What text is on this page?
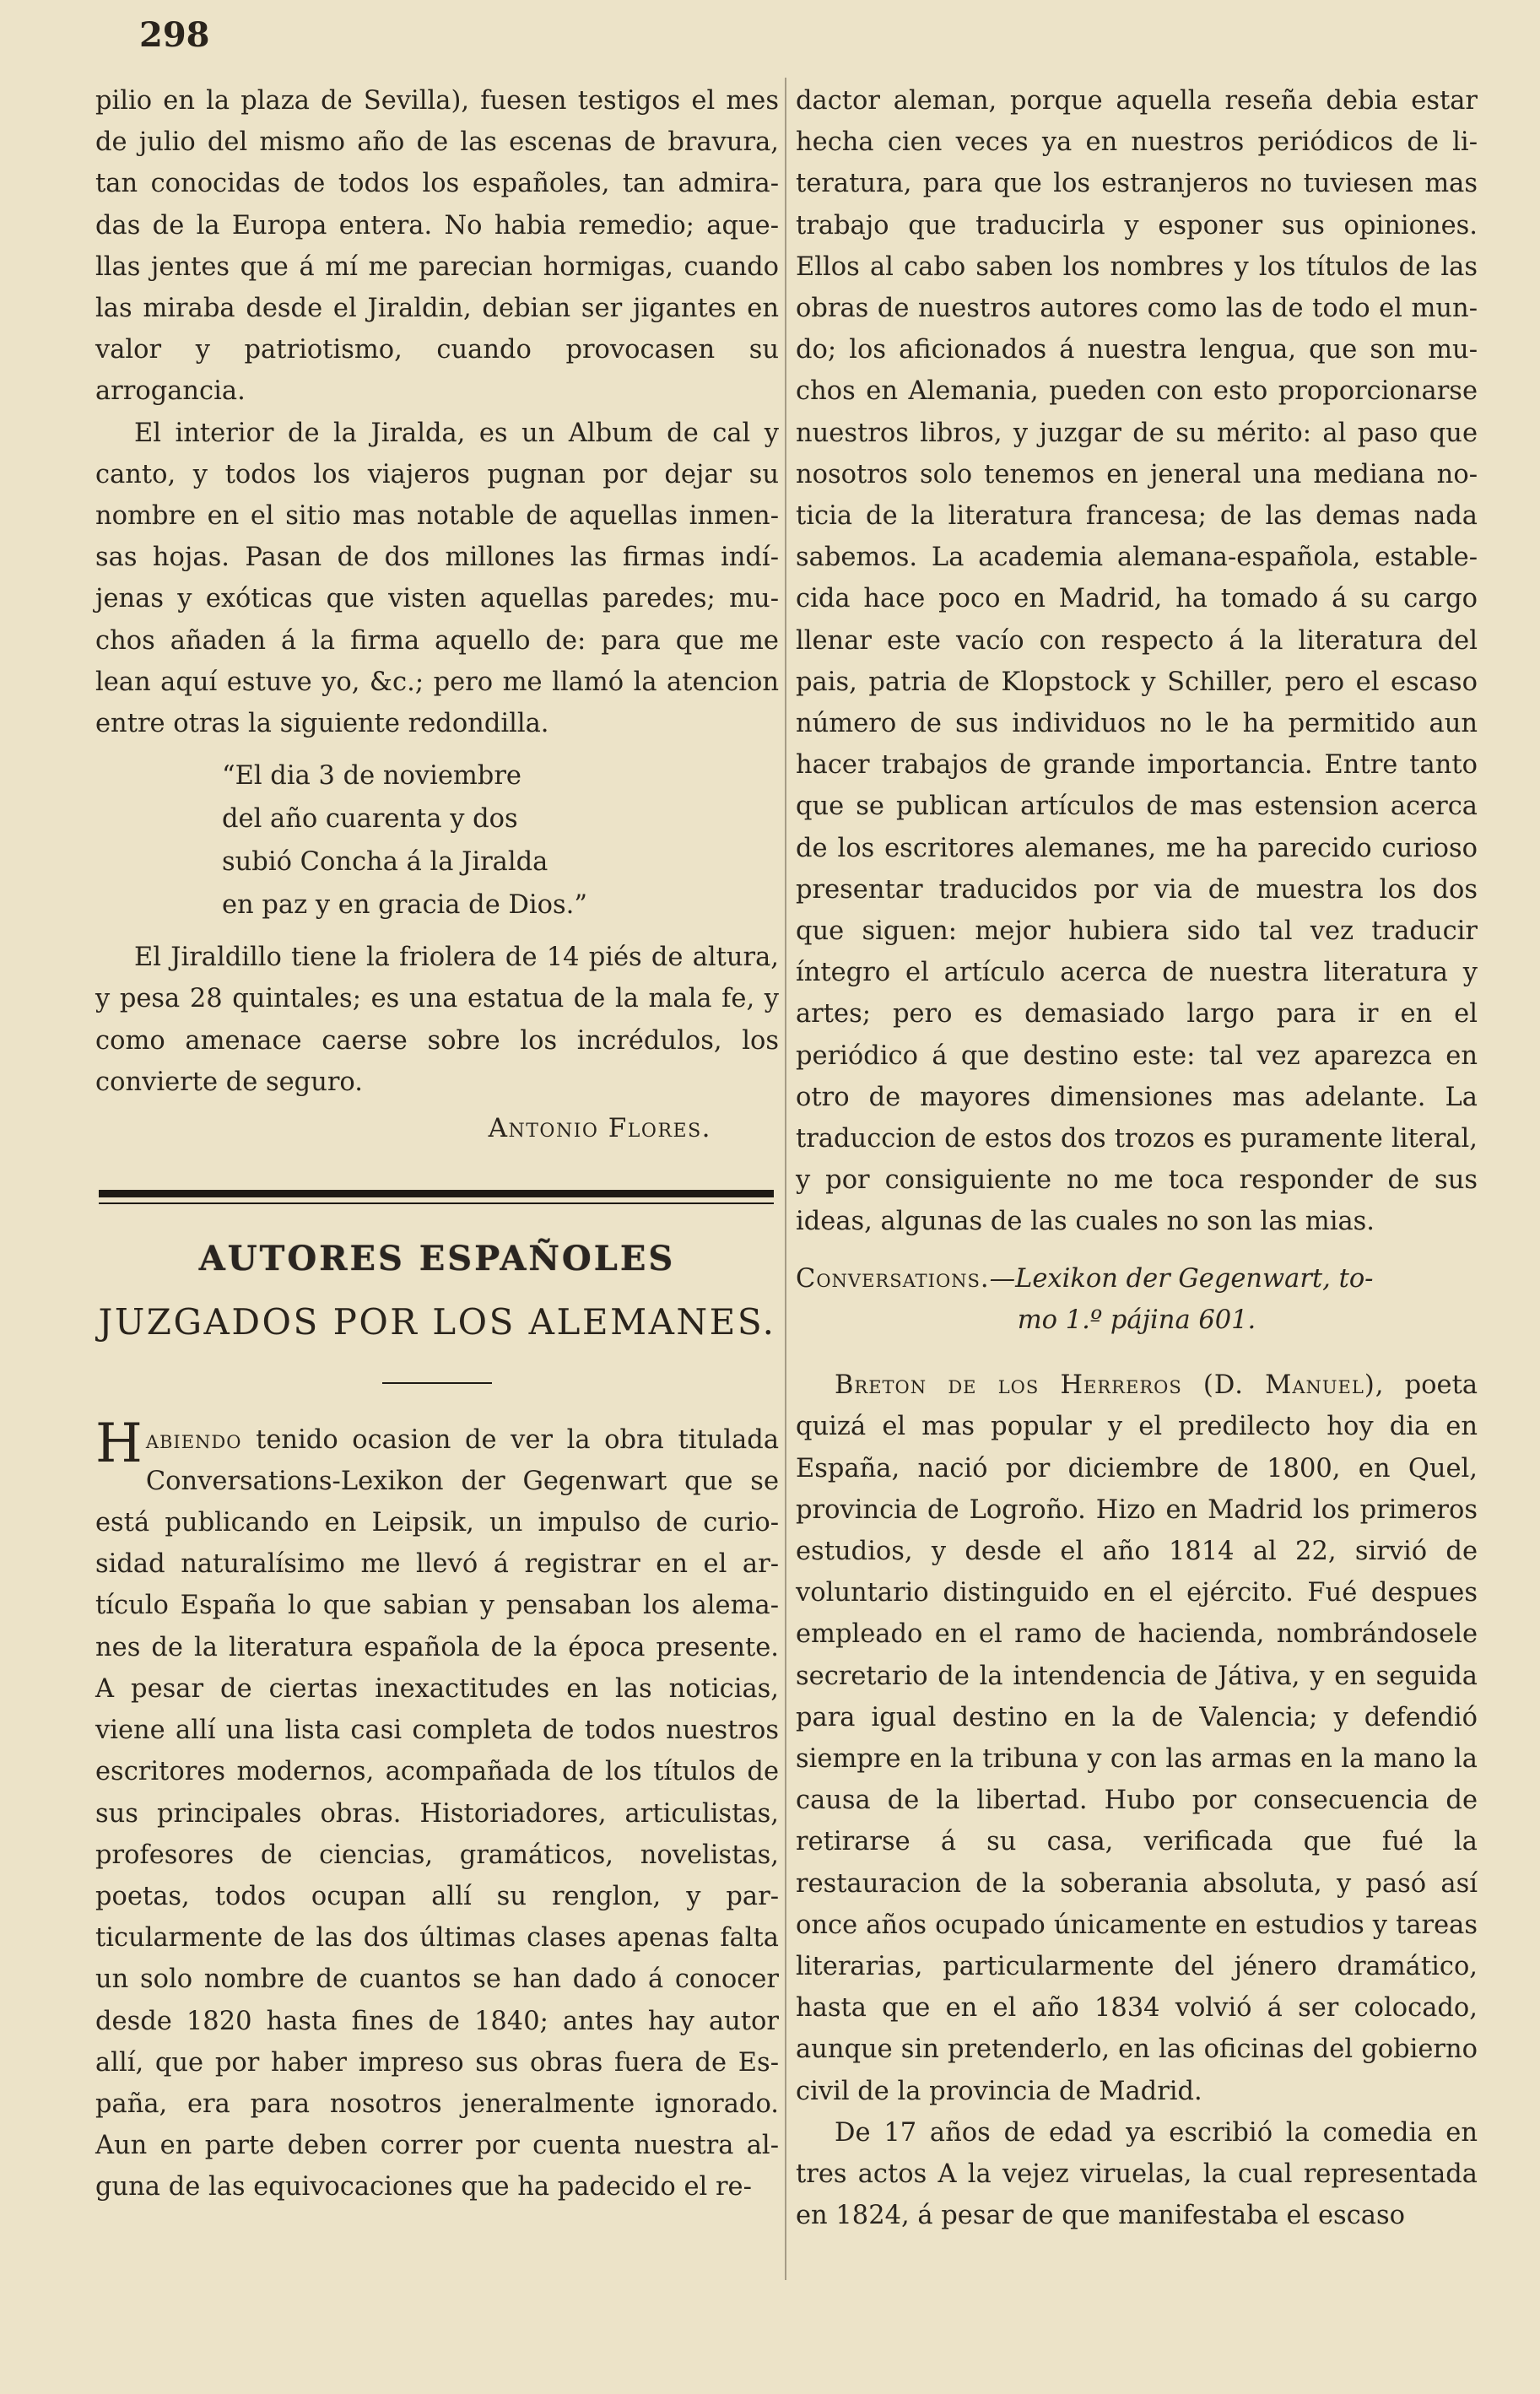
298

pilio en la plaza de Sevilla), fuesen testigos el mes de julio del mismo año de las escenas de bravura, tan conocidas de todos los españoles, tan admiradas de la Europa entera. No habia remedio; aquellas jentes que á mí me parecian hormigas, cuando las miraba desde el Jiraldin, debian ser jigantes en valor y patriotismo, cuando provocasen su arrogancia.

El interior de la Jiralda, es un Album de cal y canto, y todos los viajeros pugnan por dejar su nombre en el sitio mas notable de aquellas inmensas hojas. Pasan de dos millones las firmas indíjenas y exóticas que visten aquellas paredes; muchos añaden á la firma aquello de: para que me lean aquí estuve yo, &c.; pero me llamó la atencion entre otras la siguiente redondilla.

“El dia 3 de noviembre
del año cuarenta y dos
subió Concha á la Jiralda
en paz y en gracia de Dios.”

El Jiraldillo tiene la friolera de 14 piés de altura, y pesa 28 quintales; es una estatua de la mala fe, y como amenace caerse sobre los incrédulos, los convierte de seguro.

Antonio Flores.
AUTORES ESPAÑOLES
JUZGADOS POR LOS ALEMANES.

Habiendo tenido ocasion de ver la obra titulada Conversations-Lexikon der Gegenwart que se está publicando en Leipsik, un impulso de curiosidad naturalísimo me llevó á registrar en el artículo España lo que sabian y pensaban los alemanes de la literatura española de la época presente. A pesar de ciertas inexactitudes en las noticias, viene allí una lista casi completa de todos nuestros escritores modernos, acompañada de los títulos de sus principales obras. Historiadores, articulistas, profesores de ciencias, gramáticos, novelistas, poetas, todos ocupan allí su renglon, y particularmente de las dos últimas clases apenas falta un solo nombre de cuantos se han dado á conocer desde 1820 hasta fines de 1840; antes hay autor allí, que por haber impreso sus obras fuera de España, era para nosotros jeneralmente ignorado. Aun en parte deben correr por cuenta nuestra alguna de las equivocaciones que ha padecido el re-

dactor aleman, porque aquella reseña debia estar hecha cien veces ya en nuestros periódicos de literatura, para que los estranjeros no tuviesen mas trabajo que traducirla y esponer sus opiniones. Ellos al cabo saben los nombres y los títulos de las obras de nuestros autores como las de todo el mundo; los aficionados á nuestra lengua, que son muchos en Alemania, pueden con esto proporcionarse nuestros libros, y juzgar de su mérito: al paso que nosotros solo tenemos en jeneral una mediana noticia de la literatura francesa; de las demas nada sabemos. La academia alemana-española, establecida hace poco en Madrid, ha tomado á su cargo llenar este vacío con respecto á la literatura del pais, patria de Klopstock y Schiller, pero el escaso número de sus individuos no le ha permitido aun hacer trabajos de grande importancia. Entre tanto que se publican artículos de mas estension acerca de los escritores alemanes, me ha parecido curioso presentar traducidos por via de muestra los dos que siguen: mejor hubiera sido tal vez traducir íntegro el artículo acerca de nuestra literatura y artes; pero es demasiado largo para ir en el periódico á que destino este: tal vez aparezca en otro de mayores dimensiones mas adelante. La traduccion de estos dos trozos es puramente literal, y por consiguiente no me toca responder de sus ideas, algunas de las cuales no son las mias.

Conversations.—Lexikon der Gegenwart, to-

mo 1.º pájina 601.

Breton de los Herreros (D. Manuel), poeta quizá el mas popular y el predilecto hoy dia en España, nació por diciembre de 1800, en Quel, provincia de Logroño. Hizo en Madrid los primeros estudios, y desde el año 1814 al 22, sirvió de voluntario distinguido en el ejército. Fué despues empleado en el ramo de hacienda, nombrándosele secretario de la intendencia de Játiva, y en seguida para igual destino en la de Valencia; y defendió siempre en la tribuna y con las armas en la mano la causa de la libertad. Hubo por consecuencia de retirarse á su casa, verificada que fué la restauracion de la soberania absoluta, y pasó así once años ocupado únicamente en estudios y tareas literarias, particularmente del jénero dramático, hasta que en el año 1834 volvió á ser colocado, aunque sin pretenderlo, en las oficinas del gobierno civil de la provincia de Madrid.

De 17 años de edad ya escribió la comedia en tres actos A la vejez viruelas, la cual representada en 1824, á pesar de que manifestaba el escaso
